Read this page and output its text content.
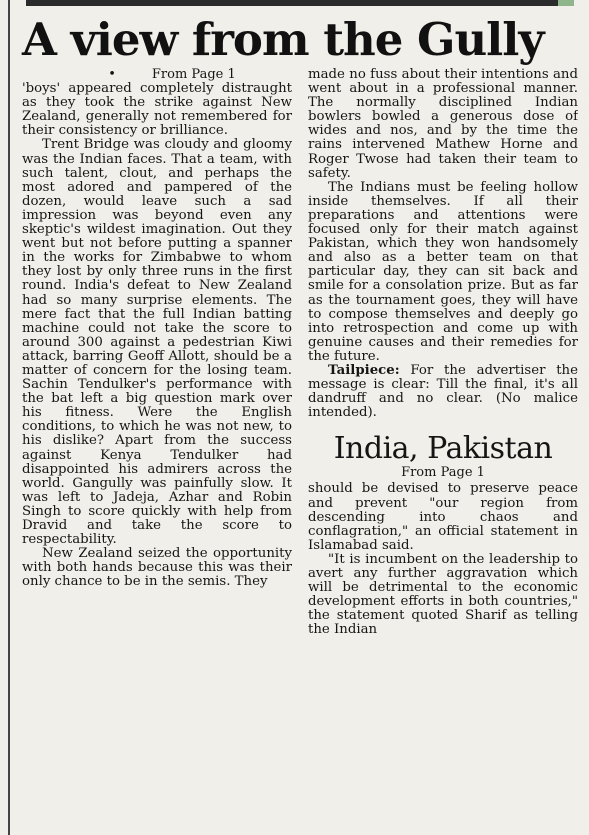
A view from the Gully
•	From Page 1

'boys' appeared completely distraught as they took the strike against New Zealand, generally not remembered for their consistency or brilliance.

Trent Bridge was cloudy and gloomy was the Indian faces. That a team, with such talent, clout, and perhaps the most adored and pampered of the dozen, would leave such a sad impression was beyond even any skeptic's wildest imagination. Out they went but not before putting a spanner in the works for Zimbabwe to whom they lost by only three runs in the first round. India's defeat to New Zealand had so many surprise elements. The mere fact that the full Indian batting machine could not take the score to around 300 against a pedestrian Kiwi attack, barring Geoff Allott, should be a matter of concern for the losing team. Sachin Tendulker's performance with the bat left a big question mark over his fitness. Were the English conditions, to which he was not new, to his dislike? Apart from the success against Kenya Tendulker had disappointed his admirers across the world. Gangully was painfully slow. It was left to Jadeja, Azhar and Robin Singh to score quickly with help from Dravid and take the score to respectability.

New Zealand seized the opportunity with both hands because this was their only chance to be in the semis. They

made no fuss about their intentions and went about in a professional manner. The normally disciplined Indian bowlers bowled a generous dose of wides and nos, and by the time the rains intervened Mathew Horne and Roger Twose had taken their team to safety.

The Indians must be feeling hollow inside themselves. If all their preparations and attentions were focused only for their match against Pakistan, which they won handsomely and also as a better team on that particular day, they can sit back and smile for a consolation prize. But as far as the tournament goes, they will have to compose themselves and deeply go into retrospection and come up with genuine causes and their remedies for the future.

Tailpiece: For the advertiser the message is clear: Till the final, it's all dandruff and no clear. (No malice intended).

India, Pakistan
From Page 1

should be devised to preserve peace and prevent "our region from descending into chaos and conflagration," an official statement in Islamabad said.

"It is incumbent on the leadership to avert any further aggravation which will be detrimental to the economic development efforts in both countries," the statement quoted Sharif as telling the Indian
